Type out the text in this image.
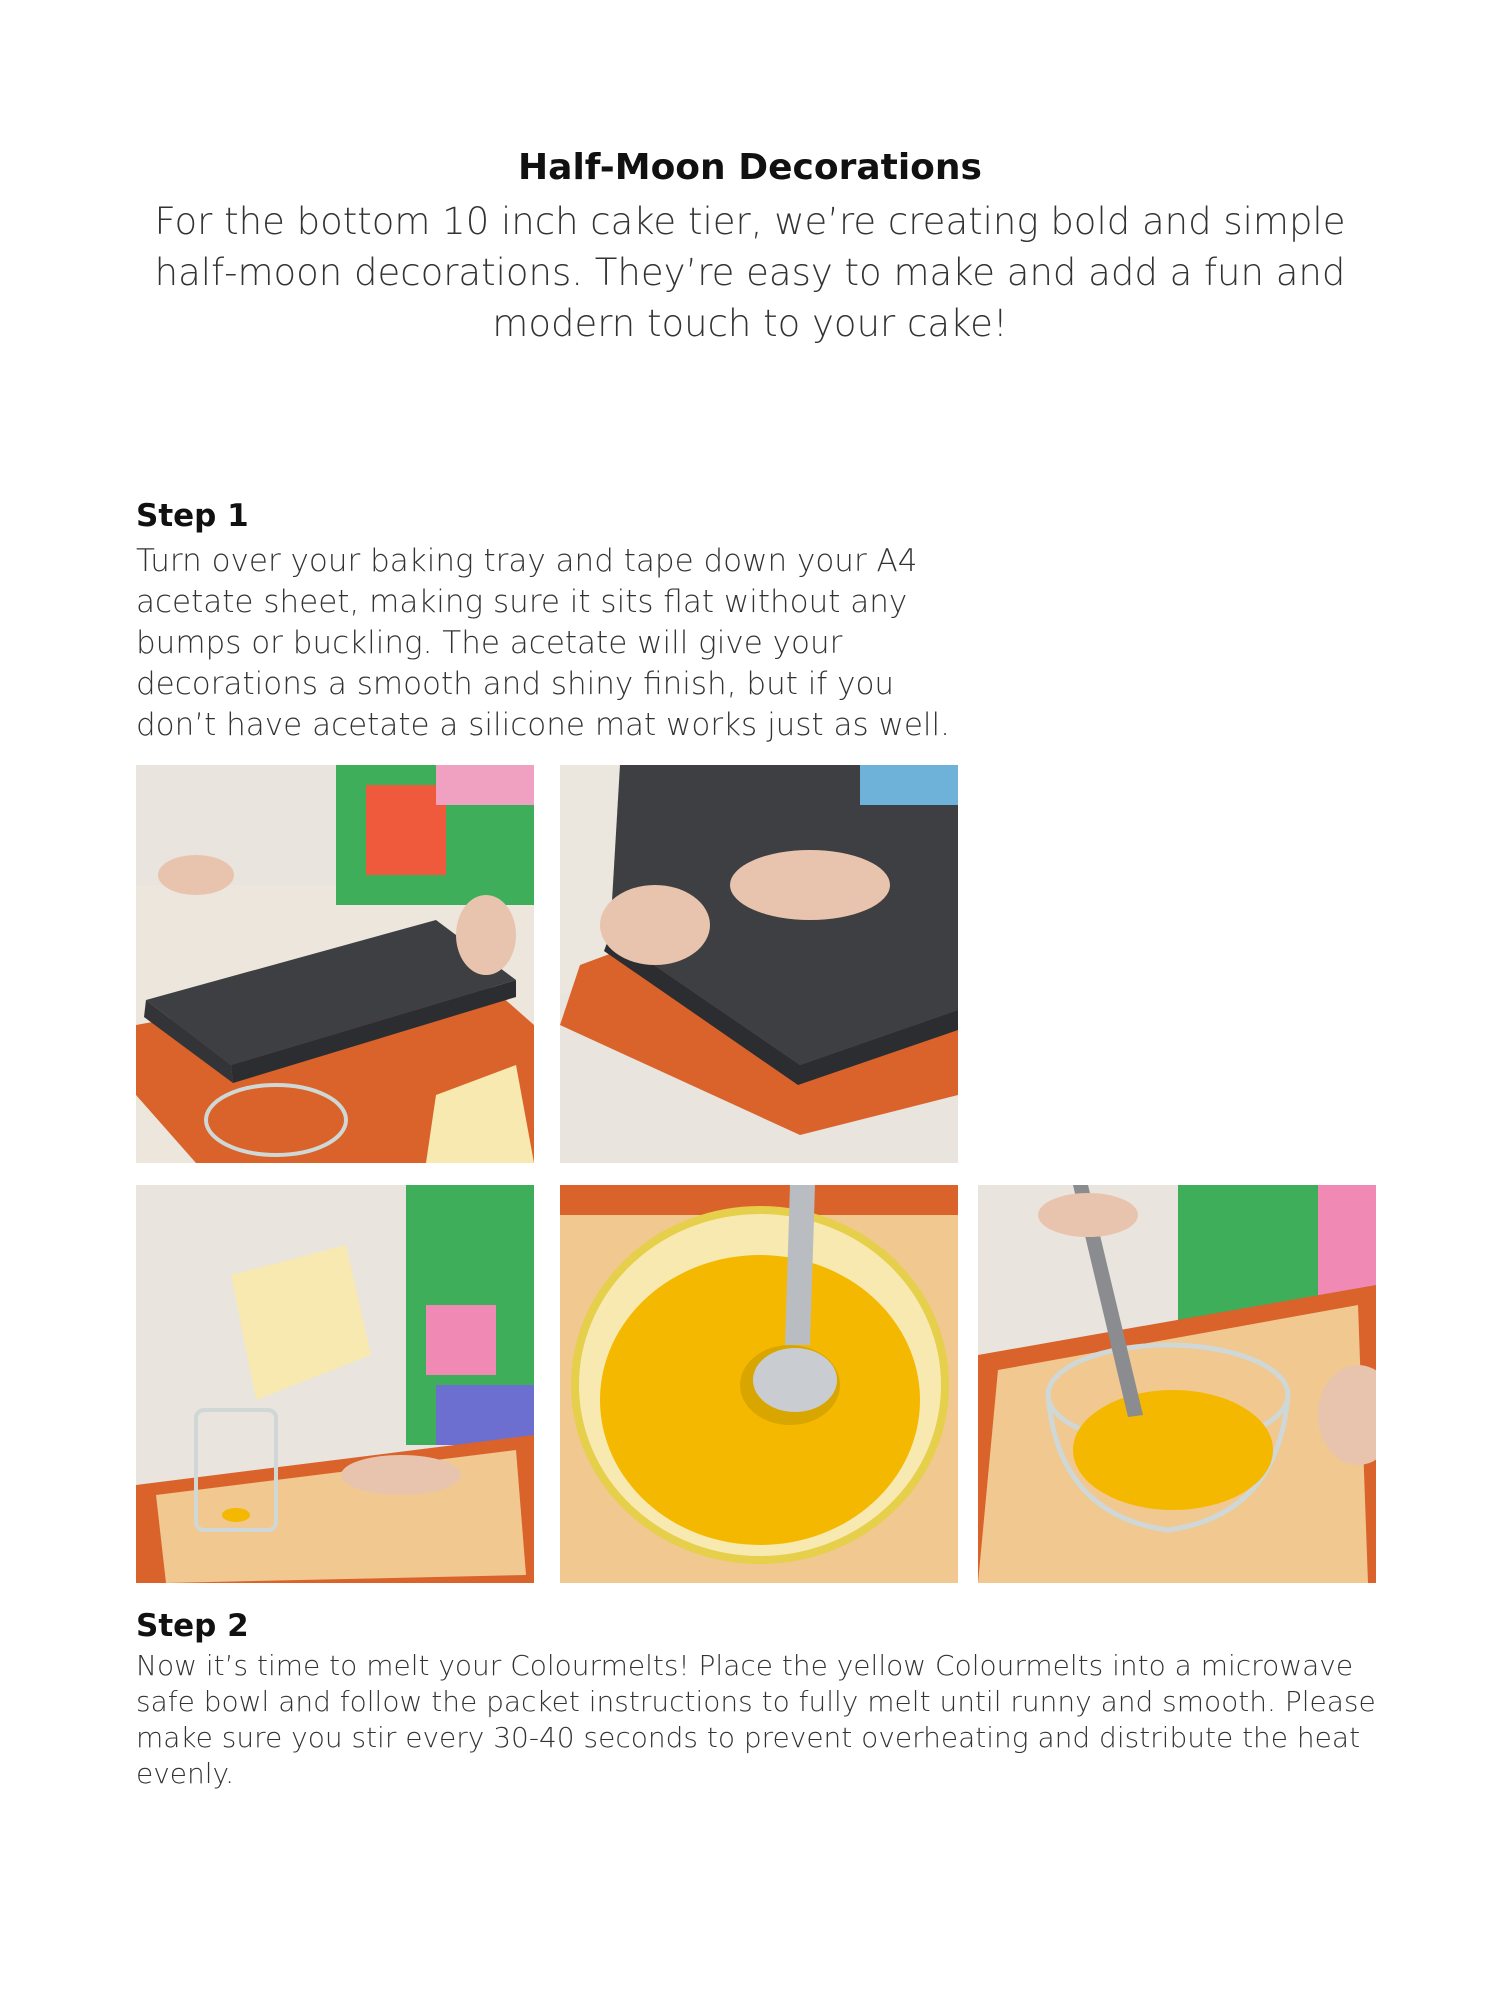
Half-Moon Decorations

For the bottom 10 inch cake tier, we’re creating bold and simple half-moon decorations. They’re easy to make and add a fun and modern touch to your cake!

Step 1

Turn over your baking tray and tape down your A4 acetate sheet, making sure it sits flat without any bumps or buckling. The acetate will give your decorations a smooth and shiny finish, but if you don’t have acetate a silicone mat works just as well.

Step 2

Now it’s time to melt your Colourmelts! Place the yellow Colourmelts into a microwave safe bowl and follow the packet instructions to fully melt until runny and smooth. Please make sure you stir every 30-40 seconds to prevent overheating and distribute the heat evenly.
